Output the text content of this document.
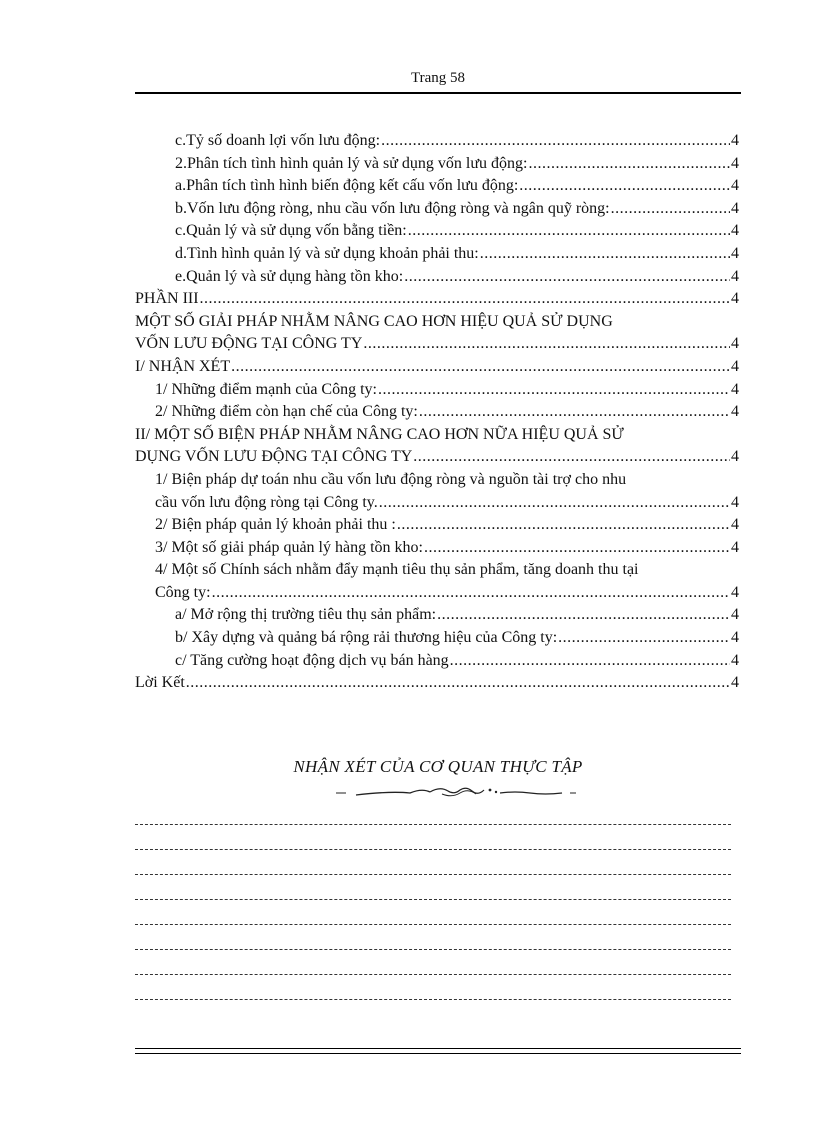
Trang 58
c.Tỷ số doanh lợi vốn lưu động: .....	4
2.Phân tích tình hình quản lý và sử dụng vốn lưu động: .....	4
a.Phân tích tình hình biến động kết cấu vốn lưu động: .....	4
b.Vốn lưu động ròng, nhu cầu vốn lưu động ròng và ngân quỹ ròng: .....	4
c.Quản lý và sử dụng vốn bằng tiền: .....	4
d.Tình hình quản lý và sử dụng khoản phải thu: .....	4
e.Quản lý và sử dụng hàng tồn kho: .....	4
PHẦN III .....	4
MỘT SỐ GIẢI PHÁP NHẰM NÂNG CAO HƠN HIỆU QUẢ SỬ DỤNG
VỐN LƯU ĐỘNG TẠI CÔNG TY .....	4
I/ NHẬN XÉT .....	4
1/ Những điểm mạnh của Công ty: .....	4
2/ Những điểm còn hạn chế của Công ty: .....	4
II/ MỘT SỐ BIỆN PHÁP NHẰM NÂNG CAO HƠN NỮA HIỆU QUẢ SỬ
DỤNG VỐN LƯU ĐỘNG TẠI CÔNG TY .....	4
1/ Biện pháp dự toán nhu cầu vốn lưu động ròng và nguồn tài trợ cho nhu
cầu vốn lưu động ròng tại Công ty. .....	4
2/ Biện pháp quản lý khoản phải thu : .....	4
3/ Một số giải pháp quản lý hàng tồn kho: .....	4
4/ Một số Chính sách nhằm đẩy mạnh tiêu thụ sản phẩm, tăng doanh thu tại
Công ty: .....	4
a/ Mở rộng thị trường tiêu thụ sản phẩm: .....	4
b/ Xây dựng và quảng bá rộng rải thương hiệu của Công ty: .....	4
c/ Tăng cường hoạt động dịch vụ bán hàng .....	4
Lời Kết .....	4
NHẬN XÉT CỦA CƠ QUAN THỰC TẬP
